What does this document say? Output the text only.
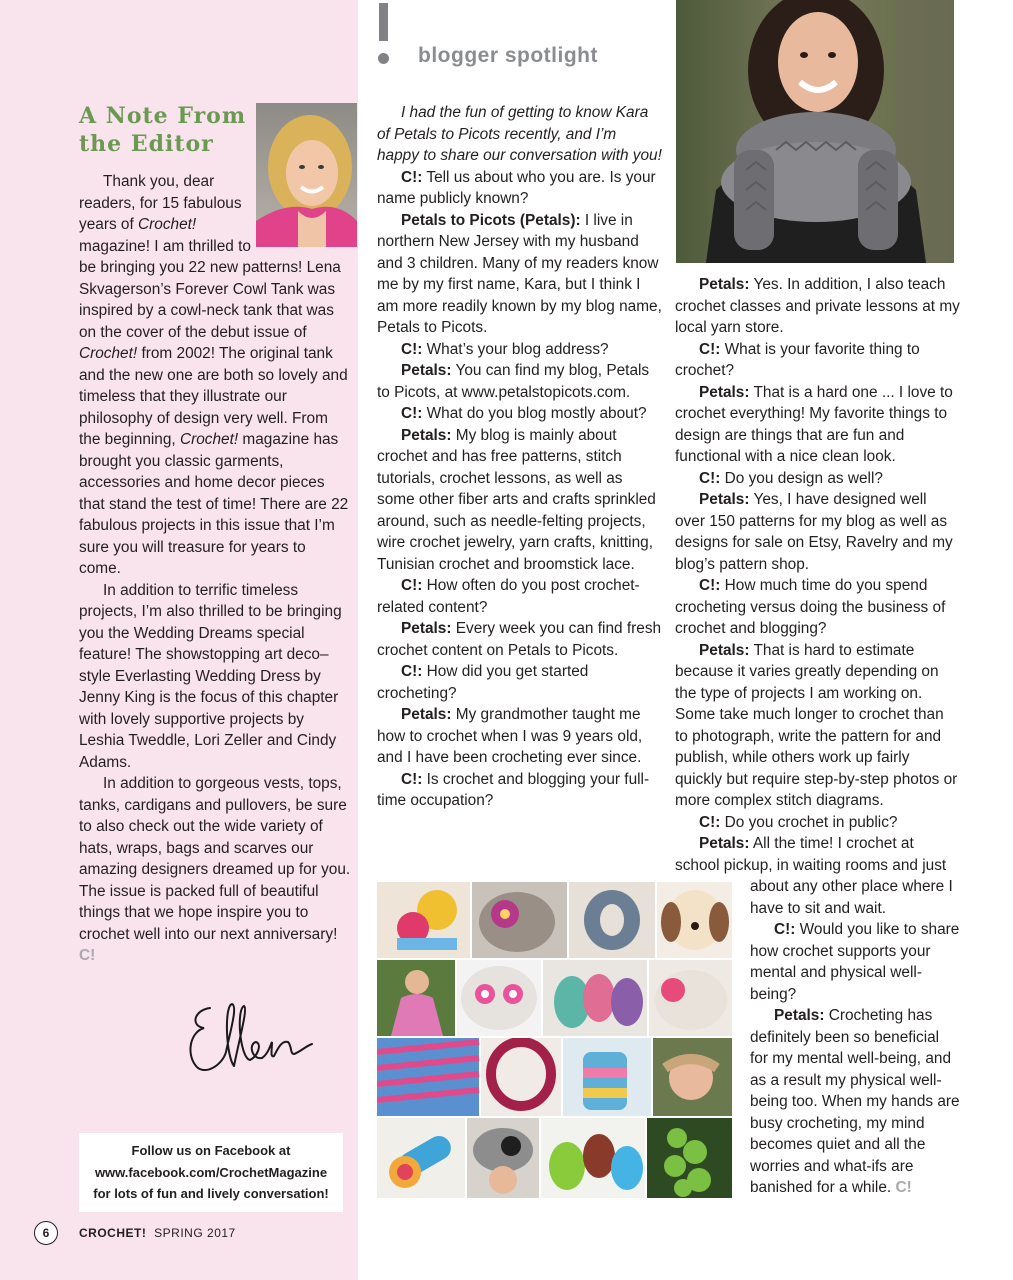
A Note From
the Editor

Thank you, dear readers, for 15 fabulous years of Crochet! magazine! I am thrilled to be bringing you 22 new patterns! Lena Skvagerson’s Forever Cowl Tank was inspired by a cowl-neck tank that was on the cover of the debut issue of Crochet! from 2002! The original tank and the new one are both so lovely and timeless that they illustrate our philosophy of design very well. From the beginning, Crochet! magazine has brought you classic garments, accessories and home decor pieces that stand the test of time! There are 22 fabulous projects in this issue that I’m sure you will treasure for years to come.

In addition to terrific timeless projects, I’m also thrilled to be bringing you the Wedding Dreams special feature! The showstopping art deco–style Everlasting Wedding Dress by Jenny King is the focus of this chapter with lovely supportive projects by Leshia Tweddle, Lori Zeller and Cindy Adams.

In addition to gorgeous vests, tops, tanks, cardigans and pullovers, be sure to also check out the wide variety of hats, wraps, bags and scarves our amazing designers dreamed up for you. The issue is packed full of beautiful things that we hope inspire you to crochet well into our next anniversary! C!

Follow us on Facebook at
www.facebook.com/CrochetMagazine
for lots of fun and lively conversation!
6	CROCHET! SPRING 2017
blogger spotlight

I had the fun of getting to know Kara of Petals to Picots recently, and I’m happy to share our conversation with you!

C!: Tell us about who you are. Is your name publicly known?

Petals to Picots (Petals): I live in northern New Jersey with my husband and 3 children. Many of my readers know me by my first name, Kara, but I think I am more readily known by my blog name, Petals to Picots.

C!: What’s your blog address?

Petals: You can find my blog, Petals to Picots, at www.petalstopicots.com.

C!: What do you blog mostly about?

Petals: My blog is mainly about crochet and has free patterns, stitch tutorials, crochet lessons, as well as some other fiber arts and crafts sprinkled around, such as needle-felting projects, wire crochet jewelry, yarn crafts, knitting, Tunisian crochet and broomstick lace.

C!: How often do you post crochet-related content?

Petals: Every week you can find fresh crochet content on Petals to Picots.

C!: How did you get started crocheting?

Petals: My grandmother taught me how to crochet when I was 9 years old, and I have been crocheting ever since.

C!: Is crochet and blogging your full-time occupation?

Petals: Yes. In addition, I also teach crochet classes and private lessons at my local yarn store.

C!: What is your favorite thing to crochet?

Petals: That is a hard one ... I love to crochet everything! My favorite things to design are things that are fun and functional with a nice clean look.

C!: Do you design as well?

Petals: Yes, I have designed well over 150 patterns for my blog as well as designs for sale on Etsy, Ravelry and my blog’s pattern shop.

C!: How much time do you spend crocheting versus doing the business of crochet and blogging?

Petals: That is hard to estimate because it varies greatly depending on the type of projects I am working on. Some take much longer to crochet than to photograph, write the pattern for and publish, while others work up fairly quickly but require step-by-step photos or more complex stitch diagrams.

C!: Do you crochet in public?

Petals: All the time! I crochet at school pickup, in waiting rooms and just

about any other place where I have to sit and wait.

C!: Would you like to share how crochet supports your mental and physical well-being?

Petals: Crocheting has definitely been so beneficial for my mental well-being, and as a result my physical well-being too. When my hands are busy crocheting, my mind becomes quiet and all the worries and what-ifs are banished for a while. C!
